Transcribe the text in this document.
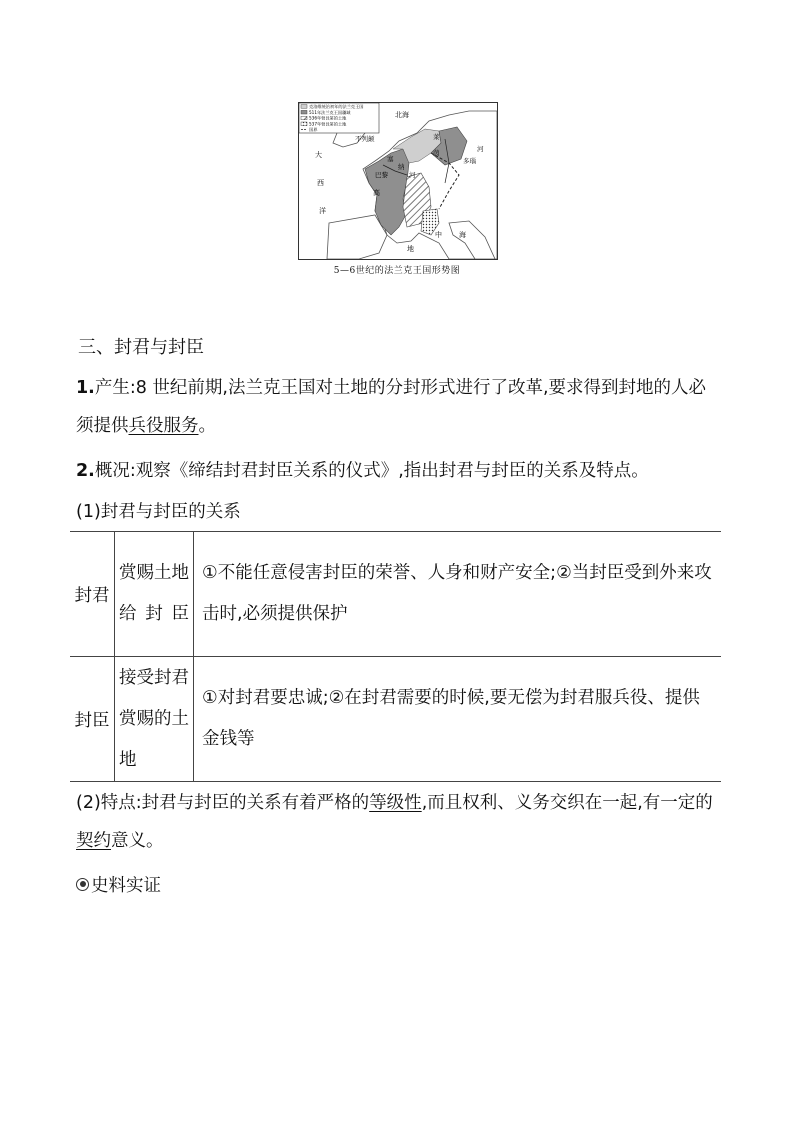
克洛维统治初年的法兰克王国
511年法兰克王国疆域
536年勃艮第的土地
537年勃艮第的土地
国界
北海
不列颠
大
西
洋
塞
纳
河
巴黎
高
莱
茵
多瑙
河
地
中 海
5—6世纪的法兰克王国形势图
三、封君与封臣
1.产生:8 世纪前期,法兰克王国对土地的分封形式进行了改革,要求得到封地的人必须提供兵役服务。
2.概况:观察《缔结封君封臣关系的仪式》,指出封君与封臣的关系及特点。
(1)封君与封臣的关系
封君	赏赐土地给封臣	①不能任意侵害封臣的荣誉、人身和财产安全;②当封臣受到外来攻击时,必须提供保护
封臣	接受封君赏赐的土地	①对封君要忠诚;②在封君需要的时候,要无偿为封君服兵役、提供金钱等
(2)特点:封君与封臣的关系有着严格的等级性,而且权利、义务交织在一起,有一定的契约意义。
史料实证
